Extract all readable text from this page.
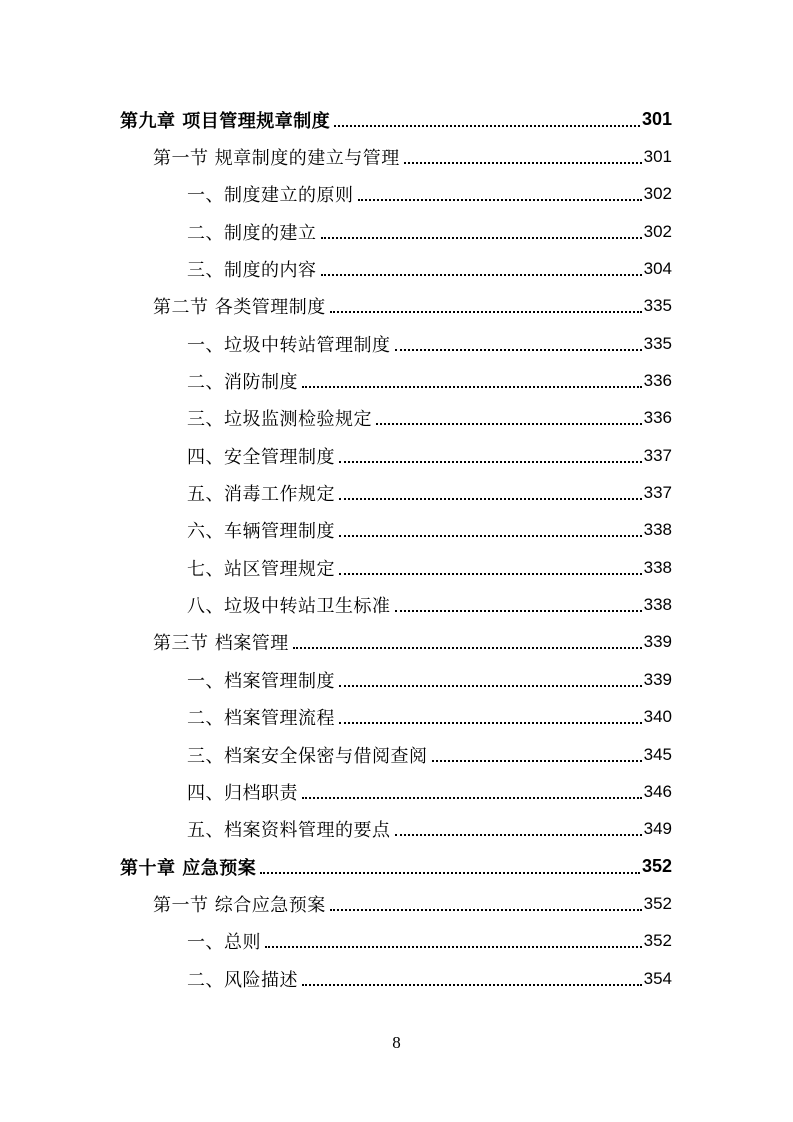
第九章 项目管理规章制度	301
第一节 规章制度的建立与管理	301
一、制度建立的原则	302
二、制度的建立	302
三、制度的内容	304
第二节 各类管理制度	335
一、垃圾中转站管理制度	335
二、消防制度	336
三、垃圾监测检验规定	336
四、安全管理制度	337
五、消毒工作规定	337
六、车辆管理制度	338
七、站区管理规定	338
八、垃圾中转站卫生标准	338
第三节 档案管理	339
一、档案管理制度	339
二、档案管理流程	340
三、档案安全保密与借阅查阅	345
四、归档职责	346
五、档案资料管理的要点	349
第十章 应急预案	352
第一节 综合应急预案	352
一、总则	352
二、风险描述	354
8
